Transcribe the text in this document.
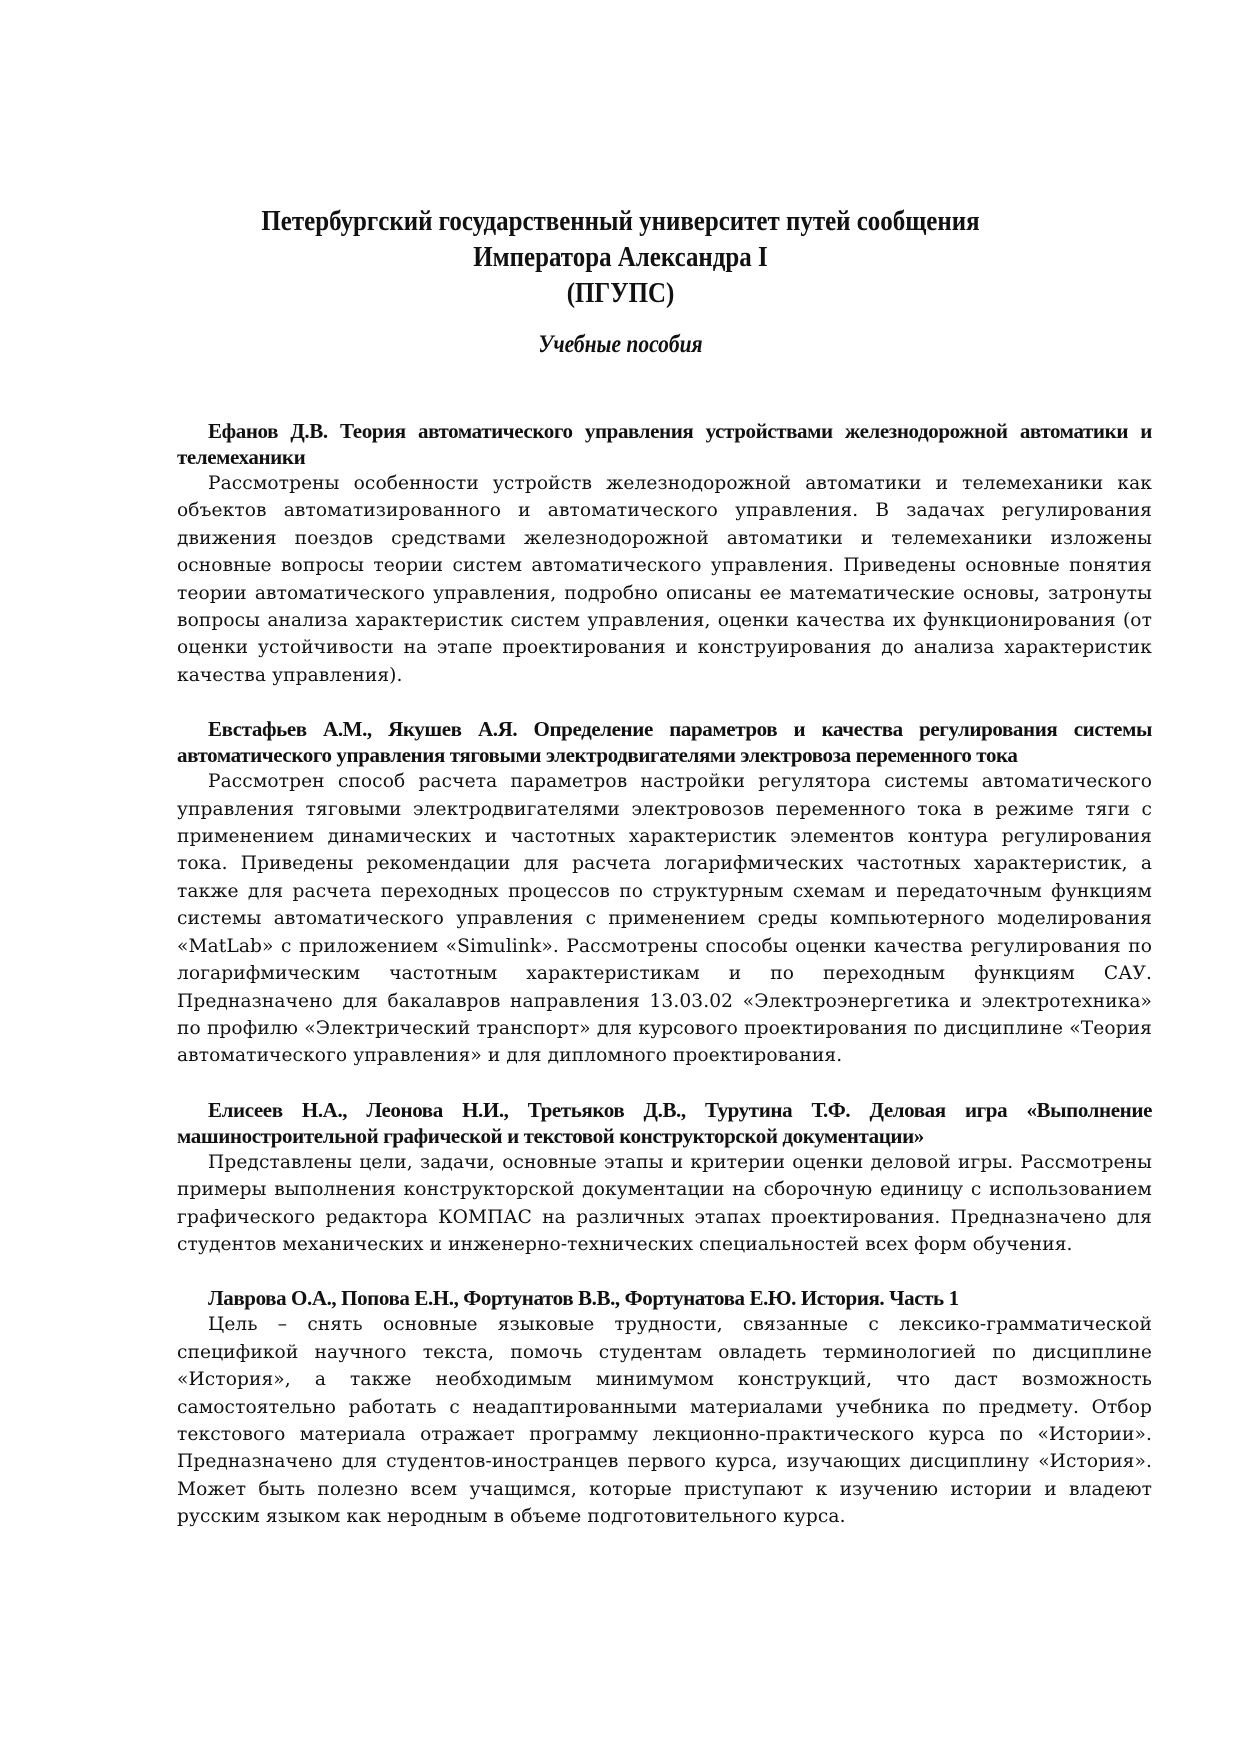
Петербургский государственный университет путей сообщения
Императора Александра I
(ПГУПС)
Учебные пособия
Ефанов Д.В. Теория автоматического управления устройствами железнодорожной автоматики и телемеханики
Рассмотрены особенности устройств железнодорожной автоматики и телемеханики как объектов автоматизированного и автоматического управления. В задачах регулирования движения поездов средствами железнодорожной автоматики и телемеханики изложены основные вопросы теории систем автоматического управления. Приведены основные понятия теории автоматического управления, подробно описаны ее математические основы, затронуты вопросы анализа характеристик систем управления, оценки качества их функционирования (от оценки устойчивости на этапе проектирования и конструирования до анализа характеристик качества управления).
Евстафьев А.М., Якушев А.Я. Определение параметров и качества регулирования системы автоматического управления тяговыми электродвигателями электровоза переменного тока
Рассмотрен способ расчета параметров настройки регулятора системы автоматического управления тяговыми электродвигателями электровозов переменного тока в режиме тяги с применением динамических и частотных характеристик элементов контура регулирования тока. Приведены рекомендации для расчета логарифмических частотных характеристик, а также для расчета переходных процессов по структурным схемам и передаточным функциям системы автоматического управления с применением среды компьютерного моделирования «MatLab» с приложением «Simulink». Рассмотрены способы оценки качества регулирования по логарифмическим частотным характеристикам и по переходным функциям САУ. Предназначено для бакалавров направления 13.03.02 «Электроэнергетика и электротехника» по профилю «Электрический транспорт» для курсового проектирования по дисциплине «Теория автоматического управления» и для дипломного проектирования.
Елисеев Н.А., Леонова Н.И., Третьяков Д.В., Турутина Т.Ф. Деловая игра «Выполнение машиностроительной графической и текстовой конструкторской документации»
Представлены цели, задачи, основные этапы и критерии оценки деловой игры. Рассмотрены примеры выполнения конструкторской документации на сборочную единицу с использованием графического редактора КОМПАС на различных этапах проектирования. Предназначено для студентов механических и инженерно-технических специальностей всех форм обучения.
Лаврова О.А., Попова Е.Н., Фортунатов В.В., Фортунатова Е.Ю. История. Часть 1
Цель – снять основные языковые трудности, связанные с лексико-грамматической спецификой научного текста, помочь студентам овладеть терминологией по дисциплине «История», а также необходимым минимумом конструкций, что даст возможность самостоятельно работать с неадаптированными материалами учебника по предмету. Отбор текстового материала отражает программу лекционно-практического курса по «Истории». Предназначено для студентов-иностранцев первого курса, изучающих дисциплину «История». Может быть полезно всем учащимся, которые приступают к изучению истории и владеют русским языком как неродным в объеме подготовительного курса.
